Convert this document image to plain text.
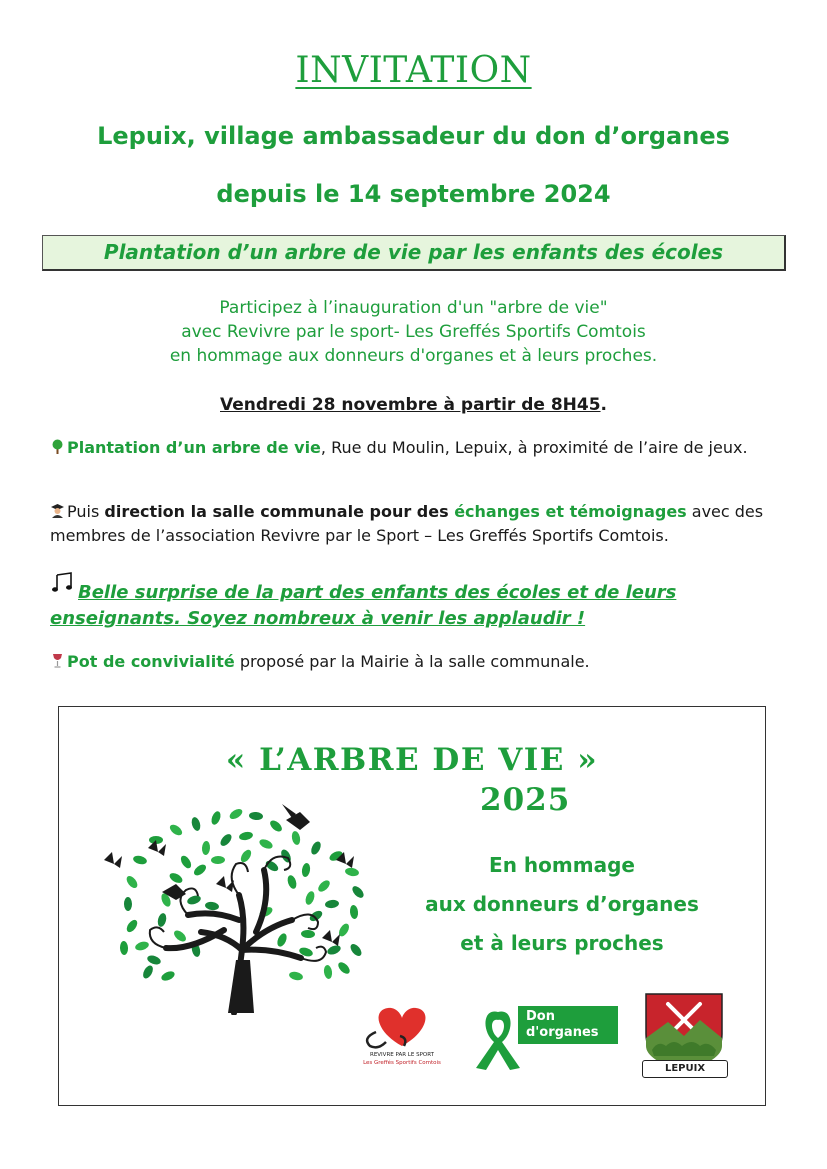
INVITATION
Lepuix, village ambassadeur du don d’organes
depuis le 14 septembre 2024
Plantation d’un arbre de vie par les enfants des écoles
Participez à l’inauguration d'un "arbre de vie"
avec Revivre par le sport- Les Greffés Sportifs Comtois
en hommage aux donneurs d'organes et à leurs proches.
Vendredi 28 novembre à partir de 8H45.
Plantation d’un arbre de vie, Rue du Moulin, Lepuix, à proximité de l’aire de jeux.
Puis direction la salle communale pour des échanges et témoignages avec des membres de l’association Revivre par le Sport – Les Greffés Sportifs Comtois.
Belle surprise de la part des enfants des écoles et de leurs enseignants. Soyez nombreux à venir les applaudir !
Pot de convivialité proposé par la Mairie à la salle communale.
« L’ARBRE DE VIE »
2025
En hommage
aux donneurs d’organes
et à leurs proches
REVIVRE PAR LE SPORT
Les Greffés Sportifs Comtois
Don
d'organes
LEPUIX
